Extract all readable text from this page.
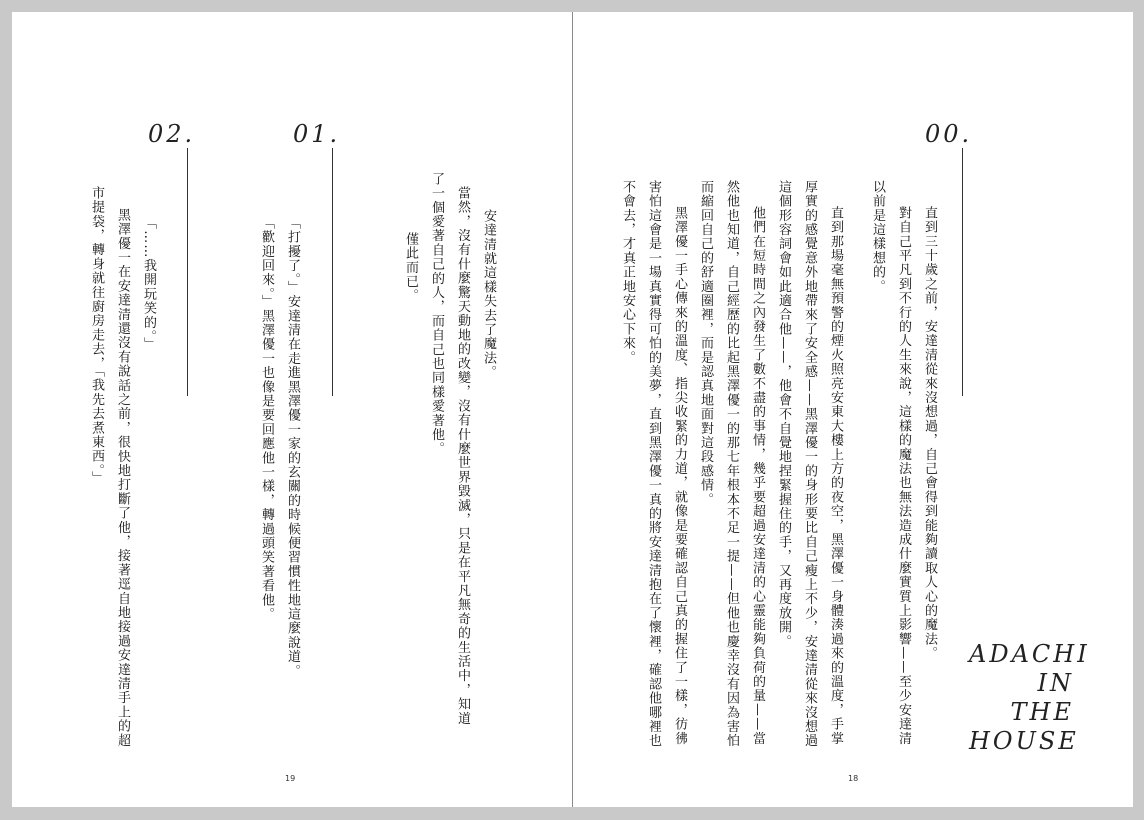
02.
市提袋，轉身就往廚房走去，「我先去煮東西。」 黑澤優一在安達清還沒有說話之前，很快地打斷了他，接著逕自地接過安達清手上的超 「……我開玩笑的。」
01.
「歡迎回來。」黑澤優一也像是要回應他一樣，轉過頭笑著看他。 「打擾了。」安達清在走進黑澤優一家的玄關的時候便習慣性地這麼說道。	僅此而已。 了一個愛著自己的人，而自己也同樣愛著他。 當然，沒有什麼驚天動地的改變，沒有什麼世界毀滅，只是在平凡無奇的生活中，知道 安達清就這樣失去了魔法。
19
00.
不會去，才真正地安心下來。 害怕這會是一場真實得可怕的美夢，直到黑澤優一真的將安達清抱在了懷裡，確認他哪裡也 黑澤優一手心傳來的溫度、指尖收緊的力道，就像是要確認自己真的握住了一樣，彷彿 而縮回自己的舒適圈裡，而是認真地面對這段感情。 然他也知道，自己經歷的比起黑澤優一的那七年根本不足一提——但他也慶幸沒有因為害怕 他們在短時間之內發生了數不盡的事情，幾乎要超過安達清的心靈能夠負荷的量——當 這個形容詞會如此適合他——，他會不自覺地捏緊握住的手，又再度放開。 厚實的感覺意外地帶來了安全感——黑澤優一的身形要比自己瘦上不少，安達清從來沒想過 直到那場毫無預警的煙火照亮安東大樓上方的夜空，黑澤優一身體湊過來的溫度，手掌 以前是這樣想的。 對自己平凡到不行的人生來說，這樣的魔法也無法造成什麼實質上影響——至少安達清 直到三十歲之前，安達清從來沒想過，自己會得到能夠讀取人心的魔法。 ADACHI
IN
THE
HOUSE
18
